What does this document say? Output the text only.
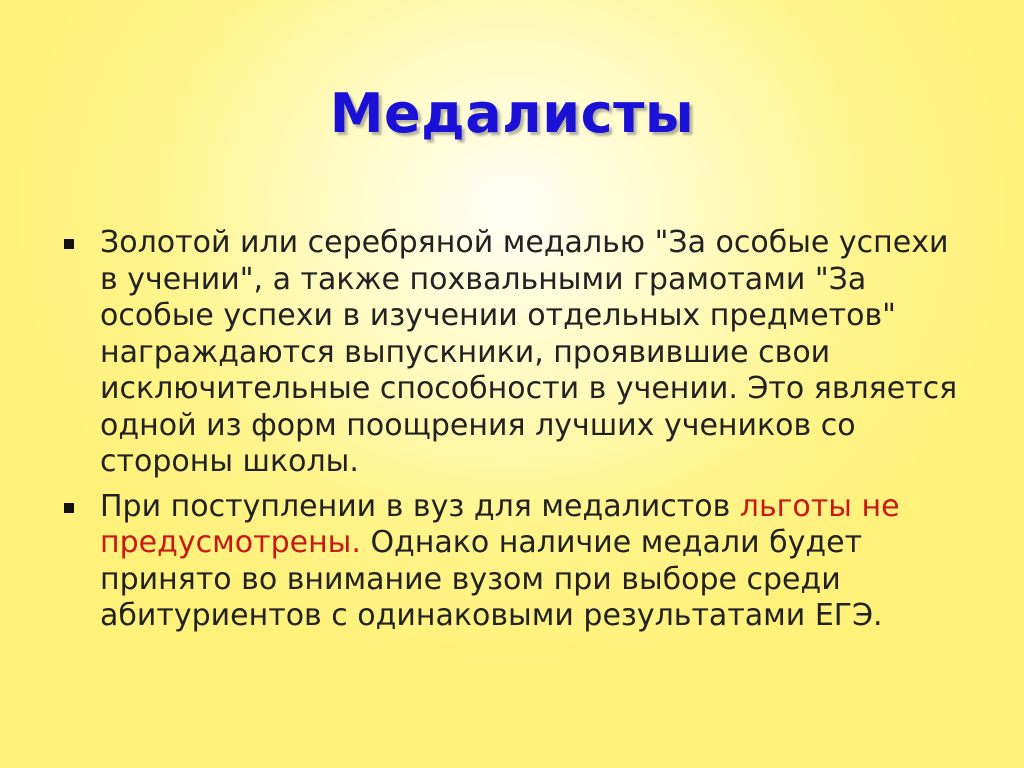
Медалисты
Золотой или серебряной медалью "За особые успехи в учении", а также похвальными грамотами "За особые успехи в изучении отдельных предметов" награждаются выпускники, проявившие свои исключительные способности в учении. Это является одной из форм поощрения лучших учеников со стороны школы.
При поступлении в вуз для медалистов льготы не предусмотрены. Однако наличие медали будет принято во внимание вузом при выборе среди абитуриентов с одинаковыми результатами ЕГЭ.
